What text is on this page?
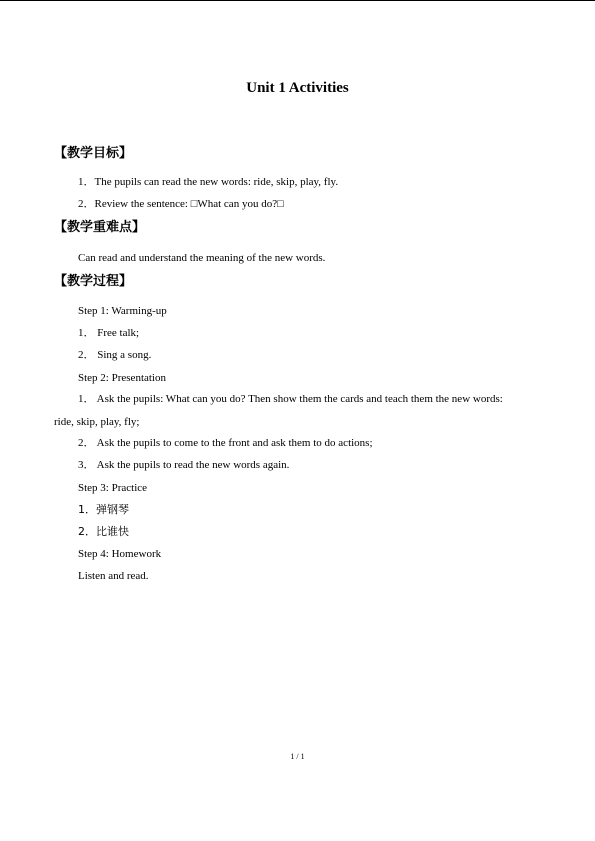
Unit 1 Activities
【教学目标】
1．The pupils can read the new words: ride, skip, play, fly.
2．Review the sentence: □What can you do?□
【教学重难点】
Can read and understand the meaning of the new words.
【教学过程】
Step 1: Warming-up
1． Free talk;
2． Sing a song.
Step 2: Presentation
1． Ask the pupils: What can you do? Then show them the cards and teach them the new words:
ride, skip, play, fly;
2． Ask the pupils to come to the front and ask them to do actions;
3． Ask the pupils to read the new words again.
Step 3: Practice
1．弹钢琴
2．比谁快
Step 4: Homework
Listen and read.
1 / 1
